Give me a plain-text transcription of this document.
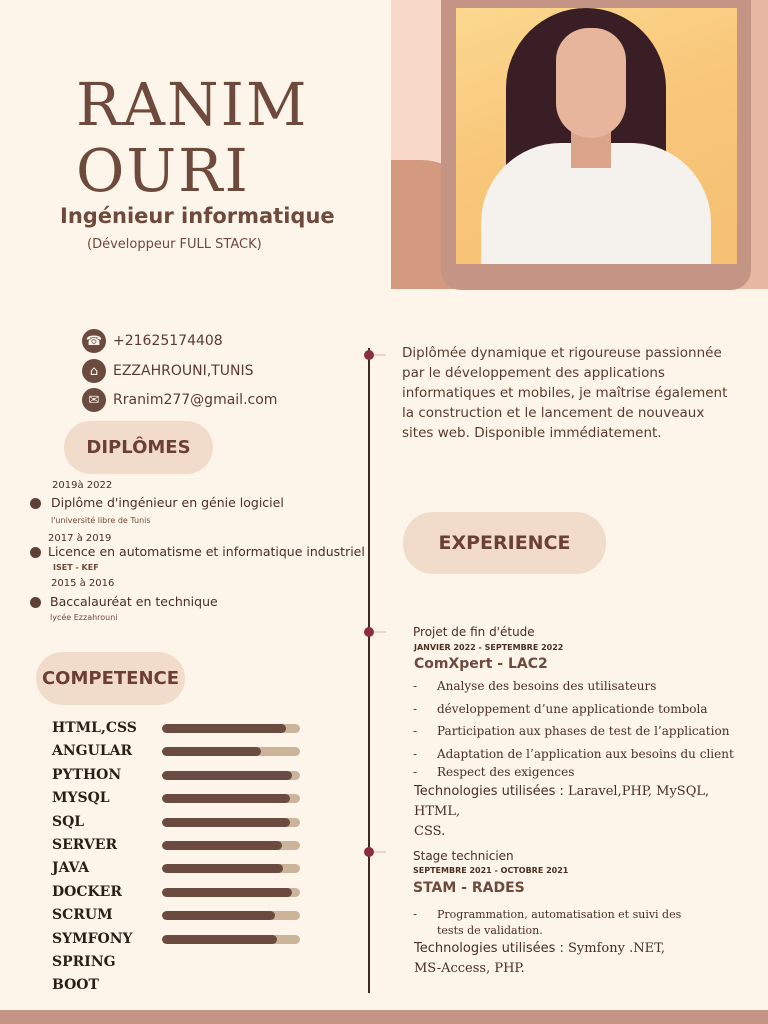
RANIM
OURI
Ingénieur informatique
(Développeur FULL STACK)
☎ +21625174408
⌂	EZZAHROUNI,TUNIS
✉ Rranim277@gmail.com
DIPLÔMES
2019à 2022
Diplôme d'ingénieur en génie logiciel
l'université libre de Tunis
2017 à 2019
Licence en automatisme et informatique industriel
ISET - KEF
2015 à 2016
Baccalauréat en technique
lycée Ezzahrouni
COMPETENCE
HTML,CSS
ANGULAR
PYTHON
MYSQL
SQL
SERVER
JAVA
DOCKER
SCRUM
SYMFONY
SPRING
BOOT
Diplômée dynamique et rigoureuse passionnée par le développement des applications informatiques et mobiles, je maîtrise également la construction et le lancement de nouveaux sites web. Disponible immédiatement.
EXPERIENCE
Projet de fin d'étude
JANVIER 2022 - SEPTEMBRE 2022
ComXpert - LAC2
-	Analyse des besoins des utilisateurs
-	développement d’une applicationde tombola
-	Participation aux phases de test de l’application
-	Adaptation de l’application aux besoins du client
-	Respect des exigences
Technologies utilisées : Laravel,PHP, MySQL, HTML,
CSS.
Stage technicien
SEPTEMBRE 2021 - OCTOBRE 2021
STAM - RADES
-	Programmation, automatisation et suivi des tests de validation.
Technologies utilisées : Symfony .NET,
MS-Access, PHP.
